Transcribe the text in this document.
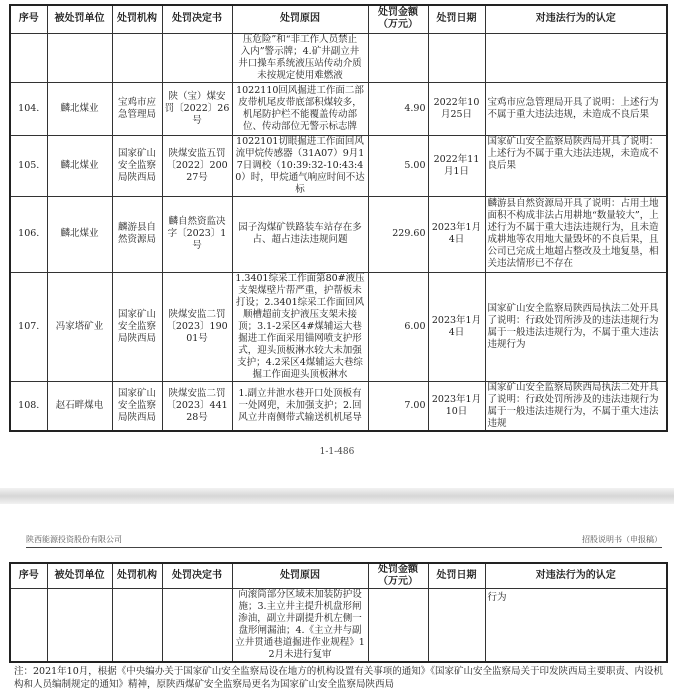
序号	被处罚单位	处罚机构	处罚决定书	处罚原因	处罚金额（万元）	处罚日期	对违法行为的认定

				压危险”和“非工作人员禁止
入内”警示牌；4.矿井副立井
井口操车系统液压站传动介质
未按规定使用难燃液			

104.	麟北煤业	宝鸡市应急管理局	陕（宝）煤安罚〔2022〕26号	1022110回风掘进工作面二部皮带机尾皮带底部积煤较多，机尾防护栏不能覆盖传动部位、传动部位无警示标志牌	4.90	2022年10月25日	宝鸡市应急管理局开具了说明：上述行为不属于重大违法违规，未造成不良后果
105.	麟北煤业	国家矿山安全监察局陕西局	陕煤安监五罚〔2022〕20027号	1022101切眼掘进工作面回风流甲烷传感器（31A07）9月17日调校（10:39:32-10:43:40）时，甲烷通气响应时间不达标	5.00	2022年11月1日	国家矿山安全监察局陕西局开具了说明：上述行为不属于重大违法违规，未造成不良后果
106.	麟北煤业	麟游县自然资源局	麟自然资监决字〔2023〕1号	园子沟煤矿铁路装车站存在多占、超占违法违规问题	229.60	2023年1月4日	麟游县自然资源局开具了说明：占用土地面积不构成非法占用耕地“数量较大”，上述行为不属于重大违法违规行为，且未造成耕地等农用地大量毁坏的不良后果，且公司已完成土地超占整改及土地复垦，相关违法情形已不存在
107.	冯家塔矿业	国家矿山安全监察局陕西局	陕煤安监二罚〔2023〕19001号	1.3401综采工作面第80#液压支架煤壁片帮严重，护帮板未打设；2.3401综采工作面回风顺槽超前支护液压支架未接顶；3.1-2采区4#煤辅运大巷掘进工作面采用锚网喷支护形式，迎头顶板淋水较大未加强支护；4.2采区4煤辅运大巷综掘工作面迎头顶板淋水	6.00	2023年1月4日	国家矿山安全监察局陕西局执法二处开具了说明：行政处罚所涉及的违法违规行为属于一般违法违规行为，不属于重大违法违规行为
108.	赵石畔煤电	国家矿山安全监察局陕西局	陕煤安监二罚〔2023〕44128号	1.副立井泄水巷开口处顶板有一处网兜，未加强支护；2.回风立井南侧带式输送机机尾导	7.00	2023年1月10日	国家矿山安全监察局陕西局执法二处开具了说明：行政处罚所涉及的违法违规行为属于一般违法违规行为，不属于重大违法违规
1-1-486
陕西能源投资股份有限公司	招股说明书（申报稿）
序号	被处罚单位	处罚机构	处罚决定书	处罚原因	处罚金额（万元）	处罚日期	对违法行为的认定
				向滚筒部分区域未加装防护设施；3.主立井主提升机盘形闸渗油，副立井副提升机左侧一盘形闸漏油；4.《主立井与副立井贯通巷道掘进作业规程》12月未进行复审			行为
注：2021年10月，根据《中央编办关于国家矿山安全监察局设在地方的机构设置有关事项的通知》《国家矿山安全监察局关于印发陕西局主要职责、内设机构和人员编制规定的通知》精神，原陕西煤矿安全监察局更名为国家矿山安全监察局陕西局
